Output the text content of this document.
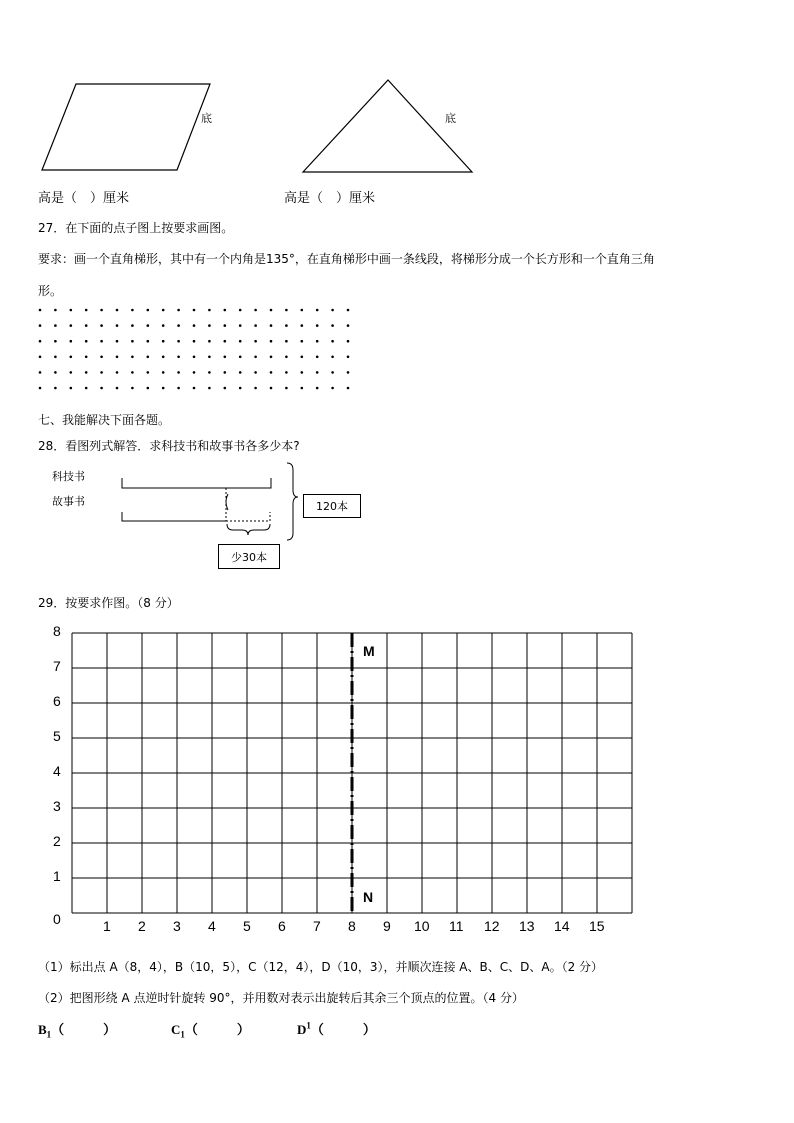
底	底
高是（　）厘米	高是（　）厘米
27．在下面的点子图上按要求画图。
要求：画一个直角梯形，其中有一个内角是135°，在直角梯形中画一条线段，将梯形分成一个长方形和一个直角三角
形。
七、我能解决下面各题。
28．看图列式解答．求科技书和故事书各多少本?
科技书
故事书	120本
少30本
29．按要求作图。（8 分）
1 2 3 4 5 6 7 8 9 10 11 12 13 14 15
0
1
2
3
4
5
6
7
8
M
N
（1）标出点 A（8，4），B（10，5），C（12，4），D（10，3），并顺次连接 A、B、C、D、A。（2 分）
（2）把图形绕 A 点逆时针旋转 90°，并用数对表示出旋转后其余三个顶点的位置。（4 分）
$B_1$（　　　）	$C_1$（　　　）	$D^1$（　　　）
